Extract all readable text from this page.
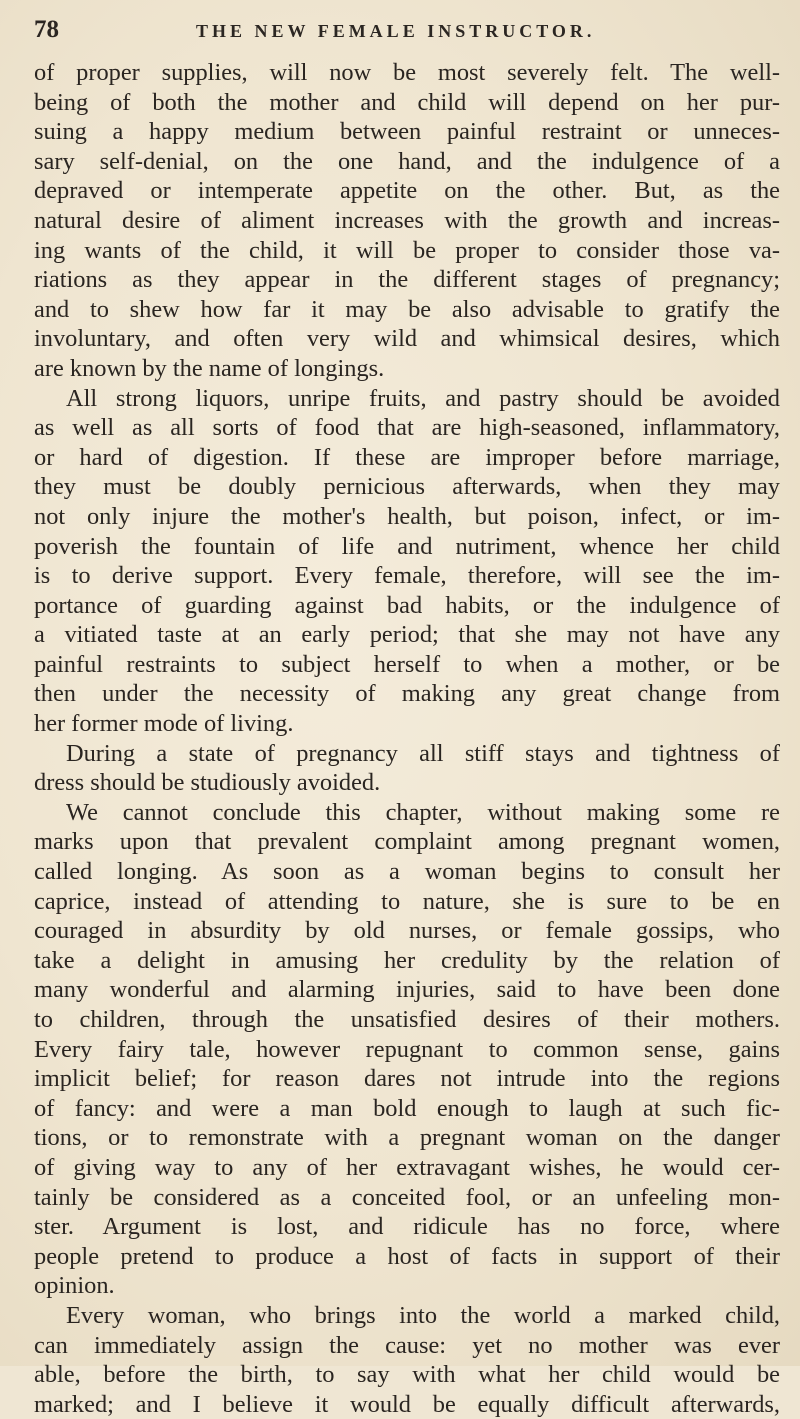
78	THE NEW FEMALE INSTRUCTOR.
of proper supplies, will now be most severely felt. The well-
being of both the mother and child will depend on her pur-
suing a happy medium between painful restraint or unneces-
sary self-denial, on the one hand, and the indulgence of a
depraved or intemperate appetite on the other. But, as the
natural desire of aliment increases with the growth and increas-
ing wants of the child, it will be proper to consider those va-
riations as they appear in the different stages of pregnancy;
and to shew how far it may be also advisable to gratify the
involuntary, and often very wild and whimsical desires, which
are known by the name of longings.
All strong liquors, unripe fruits, and pastry should be avoided
as well as all sorts of food that are high-seasoned, inflammatory,
or hard of digestion. If these are improper before marriage,
they must be doubly pernicious afterwards, when they may
not only injure the mother's health, but poison, infect, or im-
poverish the fountain of life and nutriment, whence her child
is to derive support. Every female, therefore, will see the im-
portance of guarding against bad habits, or the indulgence of
a vitiated taste at an early period; that she may not have any
painful restraints to subject herself to when a mother, or be
then under the necessity of making any great change from
her former mode of living.
During a state of pregnancy all stiff stays and tightness of
dress should be studiously avoided.
We cannot conclude this chapter, without making some re
marks upon that prevalent complaint among pregnant women,
called longing. As soon as a woman begins to consult her
caprice, instead of attending to nature, she is sure to be en
couraged in absurdity by old nurses, or female gossips, who
take a delight in amusing her credulity by the relation of
many wonderful and alarming injuries, said to have been done
to children, through the unsatisfied desires of their mothers.
Every fairy tale, however repugnant to common sense, gains
implicit belief; for reason dares not intrude into the regions
of fancy: and were a man bold enough to laugh at such fic-
tions, or to remonstrate with a pregnant woman on the danger
of giving way to any of her extravagant wishes, he would cer-
tainly be considered as a conceited fool, or an unfeeling mon-
ster. Argument is lost, and ridicule has no force, where
people pretend to produce a host of facts in support of their
opinion.
Every woman, who brings into the world a marked child,
can immediately assign the cause: yet no mother was ever
able, before the birth, to say with what her child would be
marked; and I believe it would be equally difficult afterwards,
